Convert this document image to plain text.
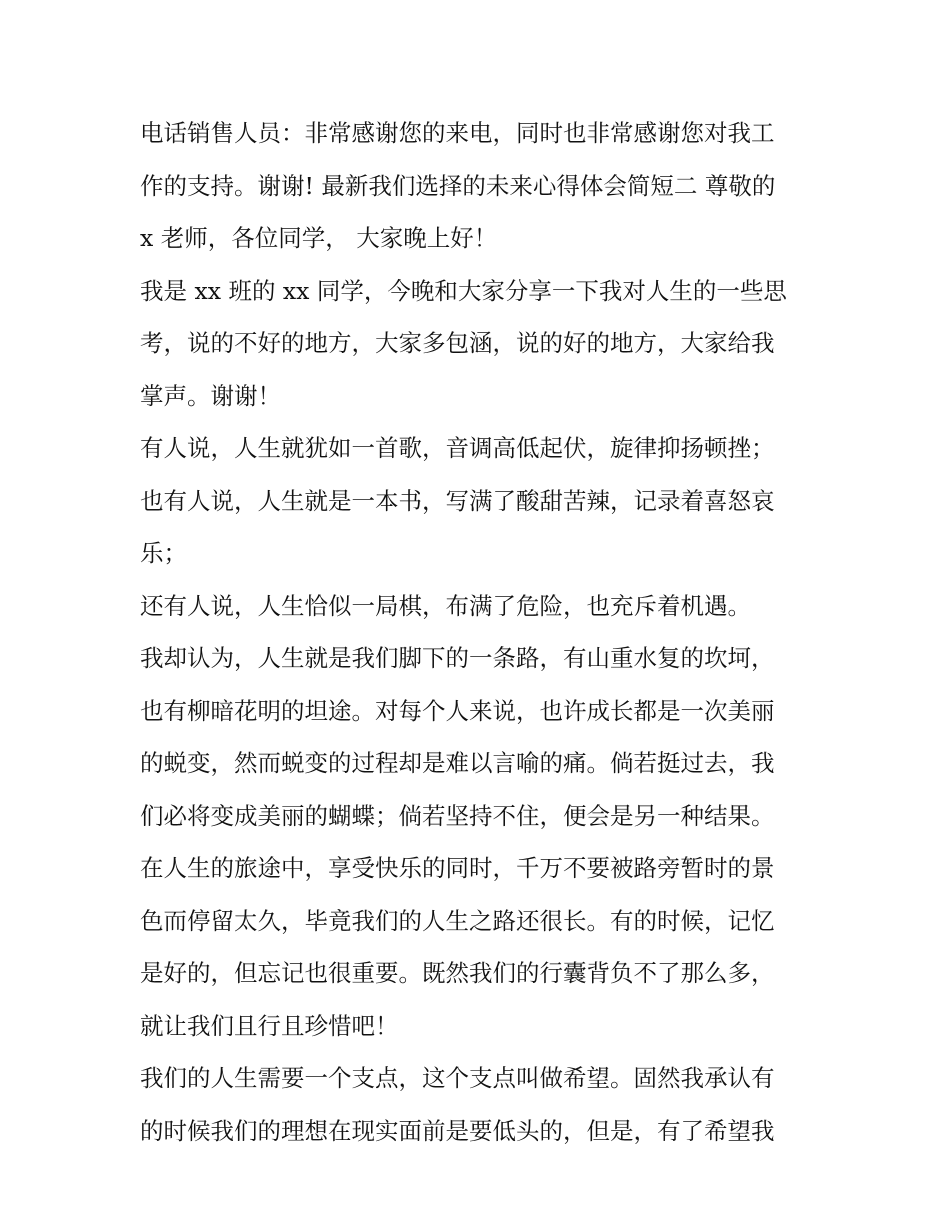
电话销售人员：非常感谢您的来电，同时也非常感谢您对我工
作的支持。谢谢! 最新我们选择的未来心得体会简短二 尊敬的
x 老师，各位同学， 大家晚上好！
我是 xx 班的 xx 同学，今晚和大家分享一下我对人生的一些思
考，说的不好的地方，大家多包涵，说的好的地方，大家给我
掌声。谢谢！
有人说，人生就犹如一首歌，音调高低起伏，旋律抑扬顿挫；
也有人说，人生就是一本书，写满了酸甜苦辣，记录着喜怒哀
乐；
还有人说，人生恰似一局棋，布满了危险，也充斥着机遇。
我却认为，人生就是我们脚下的一条路，有山重水复的坎坷，
也有柳暗花明的坦途。对每个人来说，也许成长都是一次美丽
的蜕变，然而蜕变的过程却是难以言喻的痛。倘若挺过去，我
们必将变成美丽的蝴蝶；倘若坚持不住，便会是另一种结果。
在人生的旅途中，享受快乐的同时，千万不要被路旁暂时的景
色而停留太久，毕竟我们的人生之路还很长。有的时候，记忆
是好的，但忘记也很重要。既然我们的行囊背负不了那么多，
就让我们且行且珍惜吧！
我们的人生需要一个支点，这个支点叫做希望。固然我承认有
的时候我们的理想在现实面前是要低头的，但是，有了希望我
